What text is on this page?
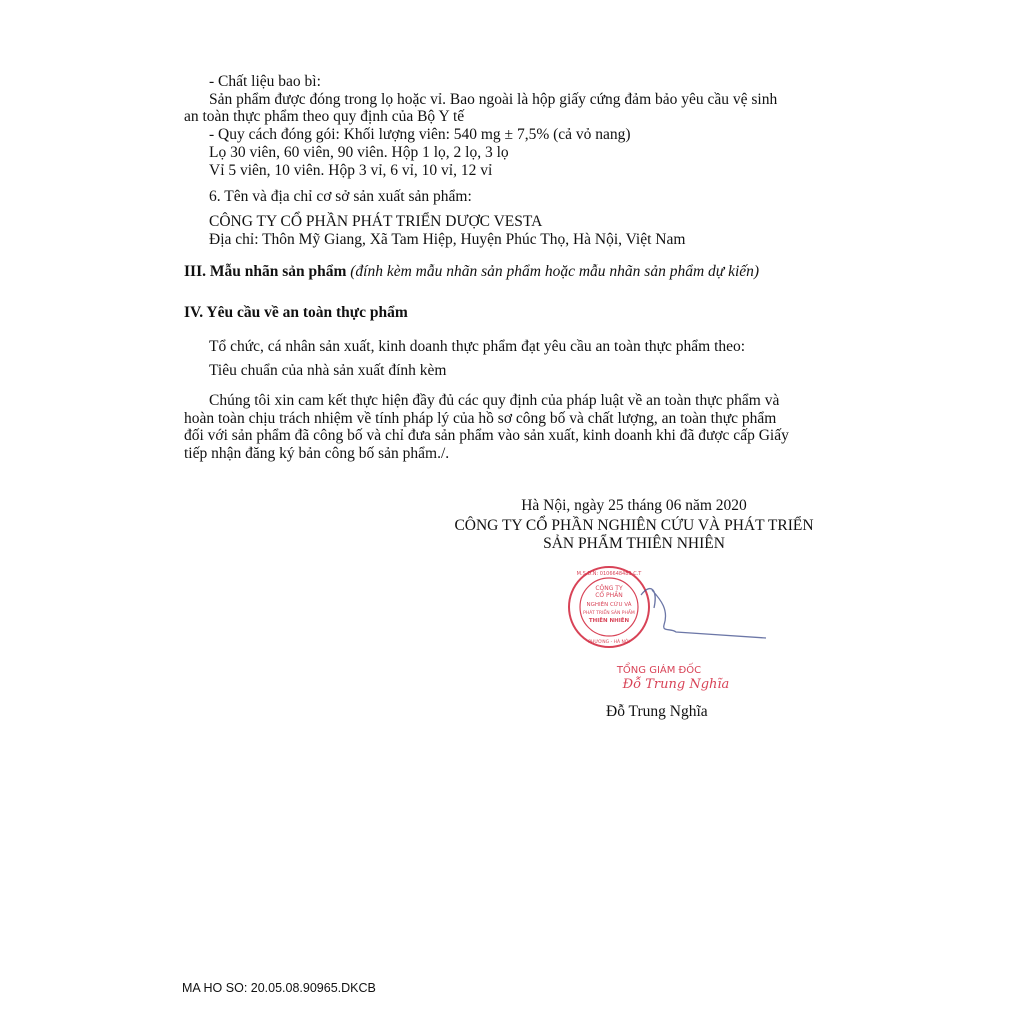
- Chất liệu bao bì:
Sản phẩm được đóng trong lọ hoặc vỉ. Bao ngoài là hộp giấy cứng đảm bảo yêu cầu vệ sinh
an toàn thực phẩm theo quy định của Bộ Y tế
- Quy cách đóng gói: Khối lượng viên: 540 mg ± 7,5% (cả vỏ nang)
Lọ 30 viên, 60 viên, 90 viên. Hộp 1 lọ, 2 lọ, 3 lọ
Vỉ 5 viên, 10 viên. Hộp 3 vỉ, 6 vỉ, 10 vỉ, 12 vỉ
6. Tên và địa chỉ cơ sở sản xuất sản phẩm:
CÔNG TY CỔ PHẦN PHÁT TRIỂN DƯỢC VESTA
Địa chỉ: Thôn Mỹ Giang, Xã Tam Hiệp, Huyện Phúc Thọ, Hà Nội, Việt Nam
III. Mẫu nhãn sản phẩm (đính kèm mẫu nhãn sản phẩm hoặc mẫu nhãn sản phẩm dự kiến)
IV. Yêu cầu về an toàn thực phẩm
Tổ chức, cá nhân sản xuất, kinh doanh thực phẩm đạt yêu cầu an toàn thực phẩm theo:
Tiêu chuẩn của nhà sản xuất đính kèm
Chúng tôi xin cam kết thực hiện đầy đủ các quy định của pháp luật về an toàn thực phẩm và
hoàn toàn chịu trách nhiệm về tính pháp lý của hồ sơ công bố và chất lượng, an toàn thực phẩm
đối với sản phẩm đã công bố và chỉ đưa sản phẩm vào sản xuất, kinh doanh khi đã được cấp Giấy
tiếp nhận đăng ký bản công bố sản phẩm./.
Hà Nội, ngày 25 tháng 06 năm 2020
CÔNG TY CỔ PHẦN NGHIÊN CỨU VÀ PHÁT TRIỂN
SẢN PHẨM THIÊN NHIÊN
CÔNG TY
CỔ PHẦN
NGHIÊN CỨU VÀ
PHÁT TRIỂN SẢN PHẨM
THIÊN NHIÊN
M.S.D.N: 0106648483 C.T
PHƯƠNG - HÀ NỘI
TỔNG GIÁM ĐỐC
Đỗ Trung Nghĩa
Đỗ Trung Nghĩa
MA HO SO: 20.05.08.90965.DKCB
